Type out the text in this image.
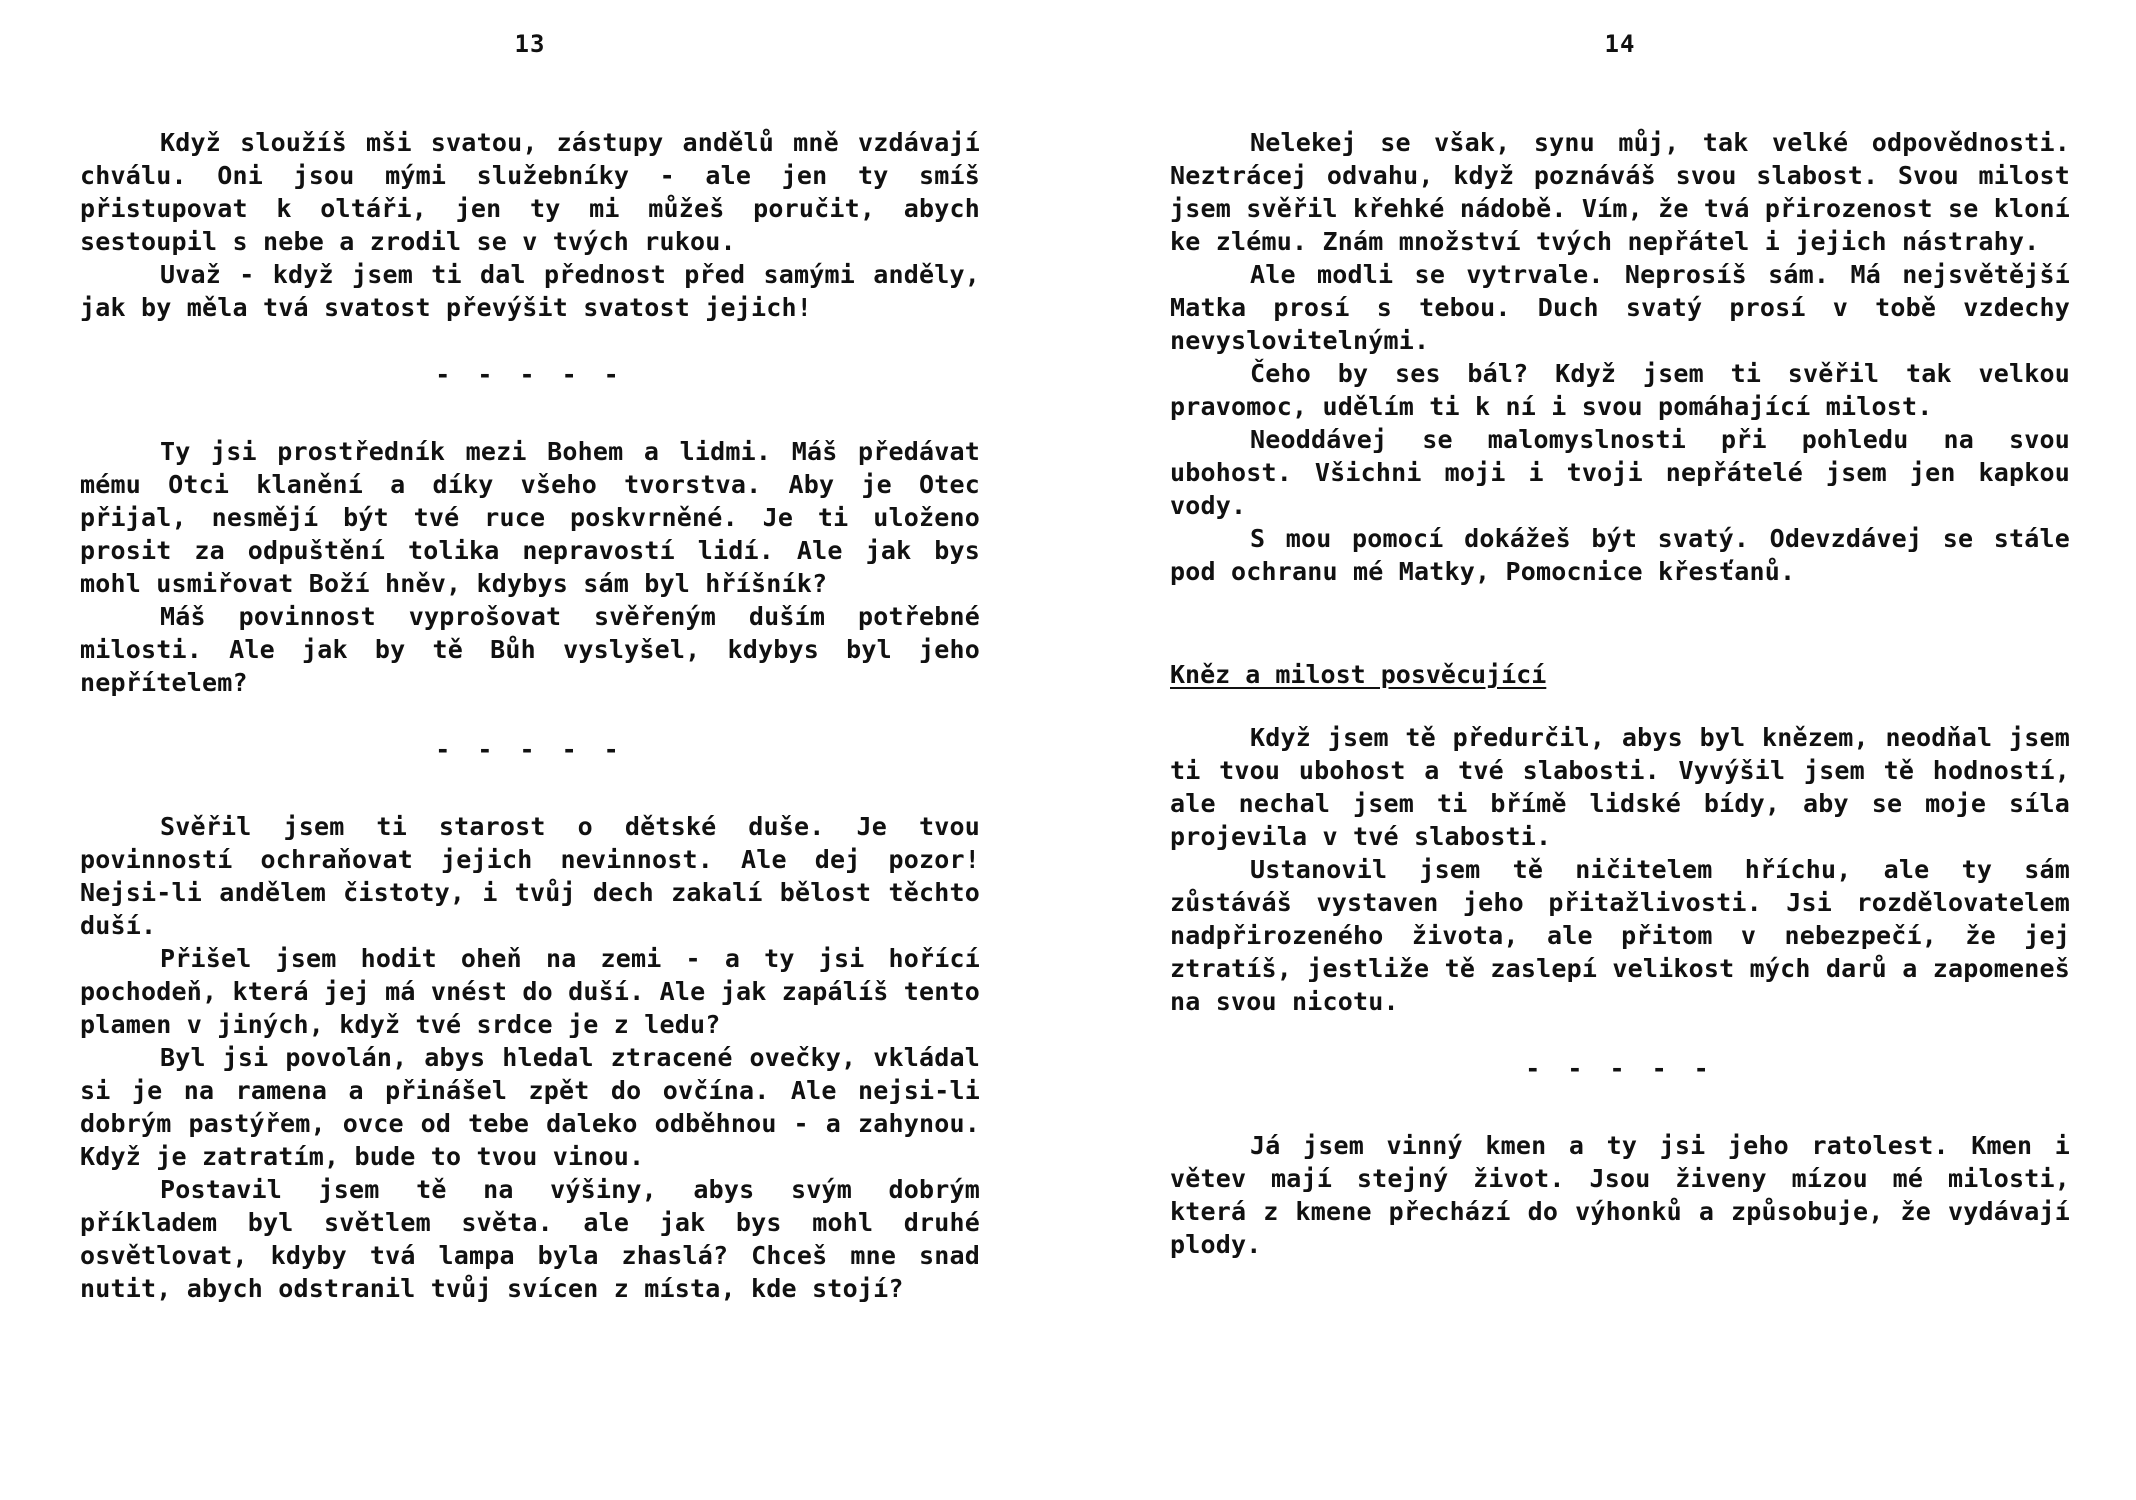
13

Když sloužíš mši svatou, zástupy andělů mně vzdávají chválu. Oni jsou mými služebníky - ale jen ty smíš přistupovat k oltáři, jen ty mi můžeš poručit, abych sestoupil s nebe a zrodil se v tvých rukou.

Uvaž - když jsem ti dal přednost před samými anděly, jak by měla tvá svatost převýšit svatost jejich!

- - - - -

Ty jsi prostředník mezi Bohem a lidmi. Máš předávat mému Otci klanění a díky všeho tvorstva. Aby je Otec přijal, nesmějí být tvé ruce poskvrněné. Je ti uloženo prosit za odpuštění tolika nepravostí lidí. Ale jak bys mohl usmiřovat Boží hněv, kdybys sám byl hříšník?

Máš povinnost vyprošovat svěřeným duším potřebné milosti. Ale jak by tě Bůh vyslyšel, kdybys byl jeho nepřítelem?

- - - - -

Svěřil jsem ti starost o dětské duše. Je tvou povinností ochraňovat jejich nevinnost. Ale dej pozor! Nejsi-li andělem čistoty, i tvůj dech zakalí bělost těchto duší.

Přišel jsem hodit oheň na zemi - a ty jsi hořící pochodeň, která jej má vnést do duší. Ale jak zapálíš tento plamen v jiných, když tvé srdce je z ledu?

Byl jsi povolán, abys hledal ztracené ovečky, vkládal si je na ramena a přinášel zpět do ovčína. Ale nejsi-li dobrým pastýřem, ovce od tebe daleko odběhnou - a zahynou. Když je zatratím, bude to tvou vinou.

Postavil jsem tě na výšiny, abys svým dobrým příkladem byl světlem světa. ale jak bys mohl druhé osvětlovat, kdyby tvá lampa byla zhaslá? Chceš mne snad nutit, abych odstranil tvůj svícen z místa, kde stojí?

14

Nelekej se však, synu můj, tak velké odpovědnosti. Neztrácej odvahu, když poznáváš svou slabost. Svou milost jsem svěřil křehké nádobě. Vím, že tvá přirozenost se kloní ke zlému. Znám množství tvých nepřátel i jejich nástrahy.

Ale modli se vytrvale. Neprosíš sám. Má nejsvětější Matka prosí s tebou. Duch svatý prosí v tobě vzdechy nevyslovitelnými.

Čeho by ses bál? Když jsem ti svěřil tak velkou pravomoc, udělím ti k ní i svou pomáhající milost.

Neoddávej se malomyslnosti při pohledu na svou ubohost. Všichni moji i tvoji nepřátelé jsem jen kapkou vody.

S mou pomocí dokážeš být svatý. Odevzdávej se stále pod ochranu mé Matky, Pomocnice křesťanů.

Kněz a milost posvěcující

Když jsem tě předurčil, abys byl knězem, neodňal jsem ti tvou ubohost a tvé slabosti. Vyvýšil jsem tě hodností, ale nechal jsem ti břímě lidské bídy, aby se moje síla projevila v tvé slabosti.

Ustanovil jsem tě ničitelem hříchu, ale ty sám zůstáváš vystaven jeho přitažlivosti. Jsi rozdělovatelem nadpřirozeného života, ale přitom v nebezpečí, že jej ztratíš, jestliže tě zaslepí velikost mých darů a zapomeneš na svou nicotu.

- - - - -

Já jsem vinný kmen a ty jsi jeho ratolest. Kmen i větev mají stejný život. Jsou živeny mízou mé milosti, která z kmene přechází do výhonků a způsobuje, že vydávají plody.
